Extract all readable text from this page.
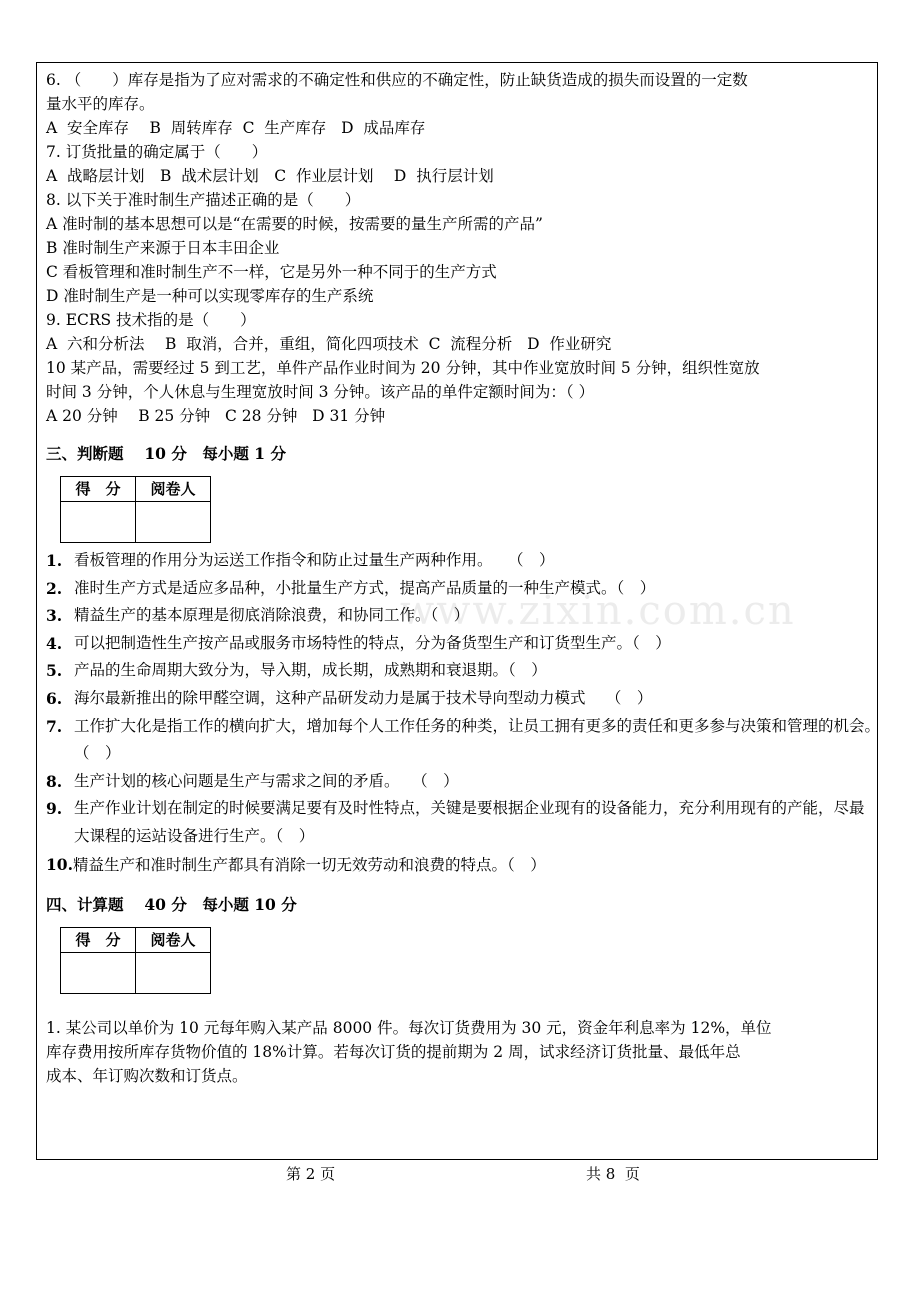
www.zixin.com.cn

6. （　　）库存是指为了应对需求的不确定性和供应的不确定性，防止缺货造成的损失而设置的一定数

量水平的库存。

A  安全库存　 B  周转库存  C  生产库存   D  成品库存

7. 订货批量的确定属于（　　）

A  战略层计划　B  战术层计划　C  作业层计划　 D  执行层计划

8. 以下关于准时制生产描述正确的是（　　）

A 准时制的基本思想可以是“在需要的时候，按需要的量生产所需的产品”

B 准时制生产来源于日本丰田企业

C 看板管理和准时制生产不一样，它是另外一种不同于的生产方式

D 准时制生产是一种可以实现零库存的生产系统

9. ECRS 技术指的是（　　）

A  六和分析法　 B  取消，合并，重组，简化四项技术  C  流程分析   D  作业研究

10 某产品，需要经过 5 到工艺，单件产品作业时间为 20 分钟，其中作业宽放时间 5 分钟，组织性宽放

时间 3 分钟，个人休息与生理宽放时间 3 分钟。该产品的单件定额时间为：（ ）

A 20 分钟　 B 25 分钟   C 28 分钟   D 31 分钟

三、判断题　 10 分　每小题 1 分

得　分	阅卷人

1. 看板管理的作用分为运送工作指令和防止过量生产两种作用。　　（　）

2. 准时生产方式是适应多品种，小批量生产方式，提高产品质量的一种生产模式。（　）

3. 精益生产的基本原理是彻底消除浪费，和协同工作。（　）

4. 可以把制造性生产按产品或服务市场特性的特点，分为备货型生产和订货型生产。（　）

5. 产品的生命周期大致分为，导入期，成长期，成熟期和衰退期。（　）

6. 海尔最新推出的除甲醛空调，这种产品研发动力是属于技术导向型动力模式　 （　）

7. 工作扩大化是指工作的横向扩大，增加每个人工作任务的种类，让员工拥有更多的责任和更多参与决策和管理的机会。　 （　）

8. 生产计划的核心问题是生产与需求之间的矛盾。　 （　）

9. 生产作业计划在制定的时候要满足要有及时性特点，关键是要根据企业现有的设备能力，充分利用现有的产能，尽最大课程的运站设备进行生产。（　）

10.精益生产和准时制生产都具有消除一切无效劳动和浪费的特点。（　）

四、计算题　 40 分　每小题 10 分

得　分	阅卷人

1. 某公司以单价为 10 元每年购入某产品 8000 件。每次订货费用为 30 元，资金年利息率为 12%，单位

库存费用按所库存货物价值的 18%计算。若每次订货的提前期为 2 周，试求经济订货批量、最低年总

成本、年订购次数和订货点。

第 2 页	共 8  页
